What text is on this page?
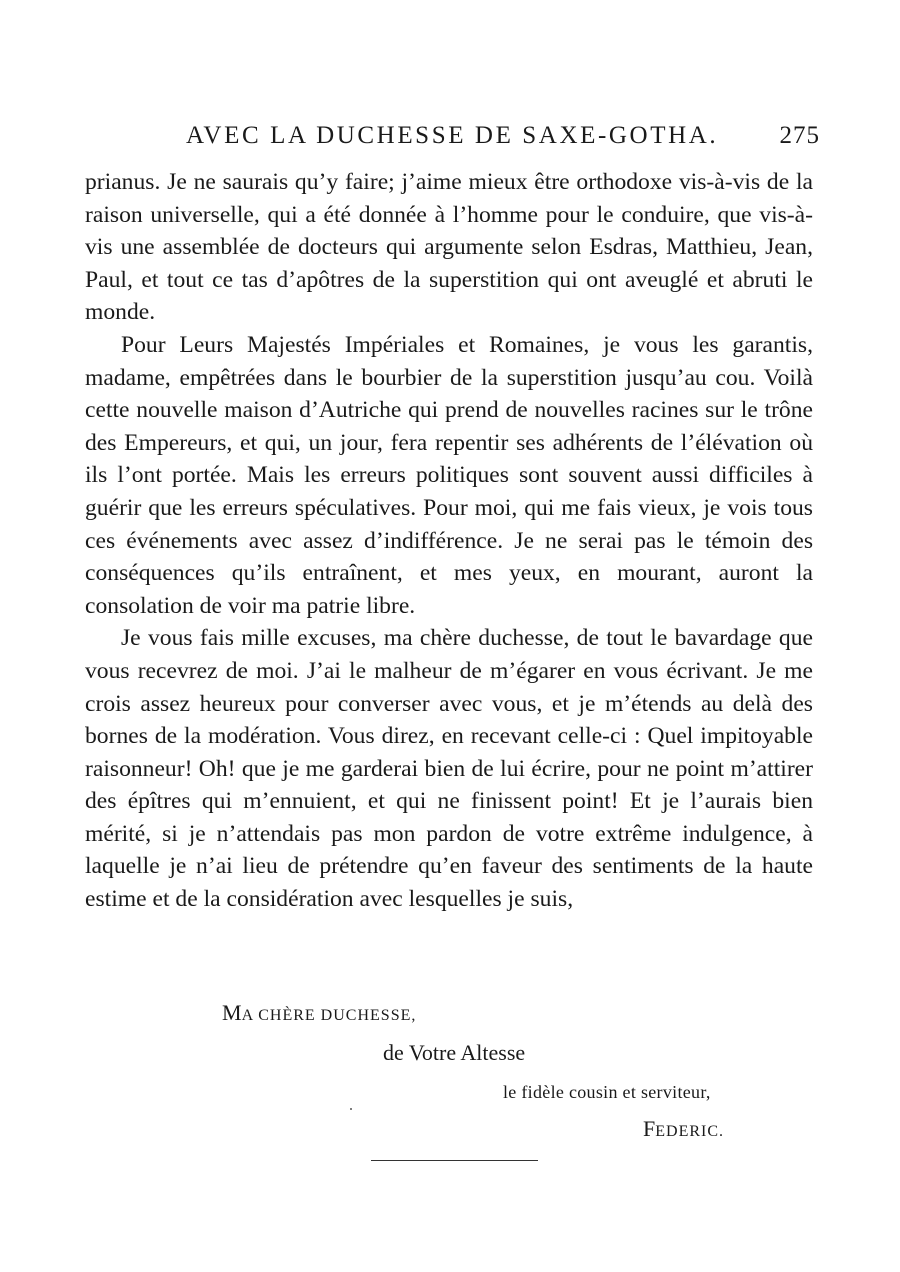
AVEC LA DUCHESSE DE SAXE-GOTHA. 275

prianus. Je ne saurais qu’y faire; j’aime mieux être orthodoxe vis-à-vis de la raison universelle, qui a été donnée à l’homme pour le conduire, que vis-à-vis une assemblée de docteurs qui argumente selon Esdras, Matthieu, Jean, Paul, et tout ce tas d’apôtres de la superstition qui ont aveuglé et abruti le monde.

Pour Leurs Majestés Impériales et Romaines, je vous les garantis, madame, empêtrées dans le bourbier de la superstition jusqu’au cou. Voilà cette nouvelle maison d’Autriche qui prend de nouvelles racines sur le trône des Empereurs, et qui, un jour, fera repentir ses adhérents de l’élévation où ils l’ont portée. Mais les erreurs politiques sont souvent aussi difficiles à guérir que les erreurs spéculatives. Pour moi, qui me fais vieux, je vois tous ces événements avec assez d’indifférence. Je ne serai pas le témoin des conséquences qu’ils entraînent, et mes yeux, en mourant, auront la consolation de voir ma patrie libre.

Je vous fais mille excuses, ma chère duchesse, de tout le bavardage que vous recevrez de moi. J’ai le malheur de m’égarer en vous écrivant. Je me crois assez heureux pour converser avec vous, et je m’étends au delà des bornes de la modération. Vous direz, en recevant celle-ci : Quel impitoyable raisonneur! Oh! que je me garderai bien de lui écrire, pour ne point m’attirer des épîtres qui m’ennuient, et qui ne finissent point! Et je l’aurais bien mérité, si je n’attendais pas mon pardon de votre extrême indulgence, à laquelle je n’ai lieu de prétendre qu’en faveur des sentiments de la haute estime et de la considération avec lesquelles je suis,

MA CHÈRE DUCHESSE,
de Votre Altesse
le fidèle cousin et serviteur,
FEDERIC.
